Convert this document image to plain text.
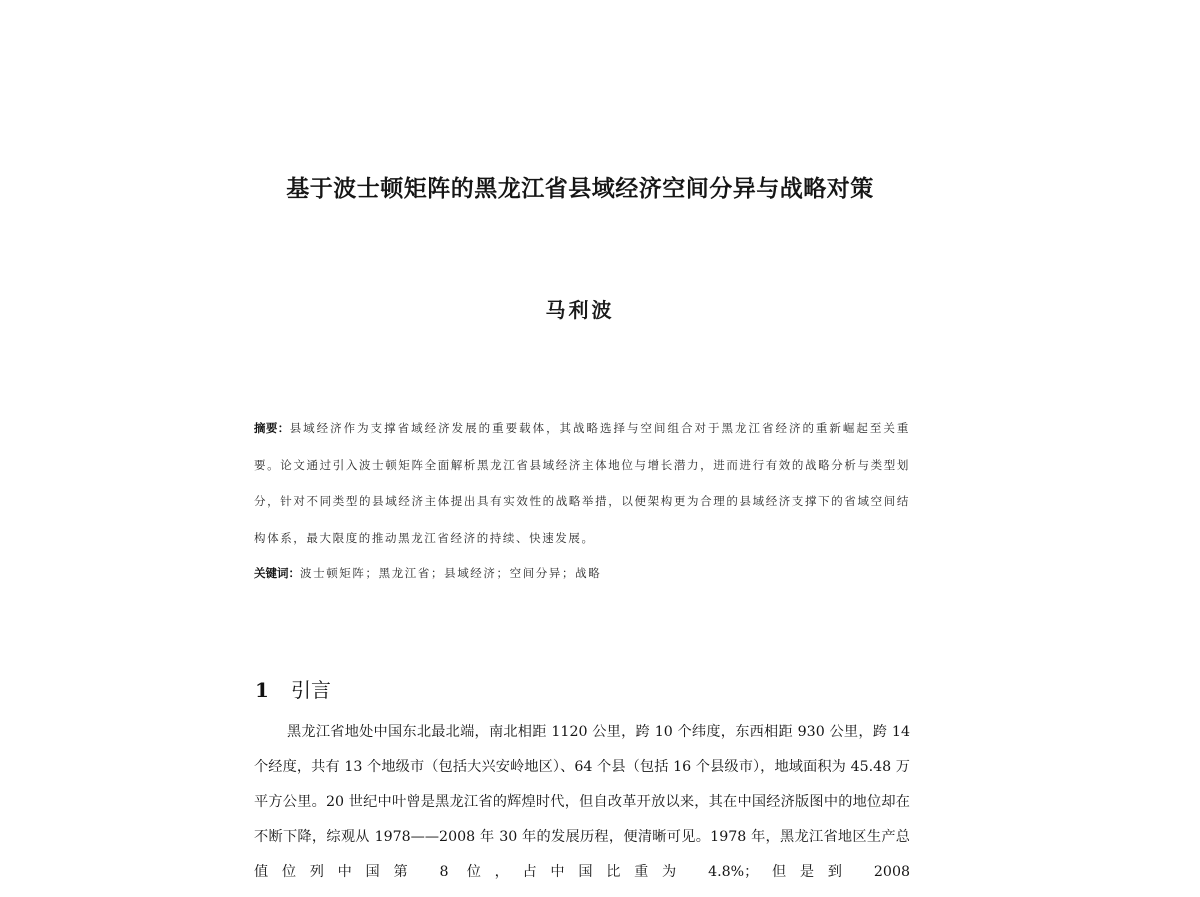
基于波士顿矩阵的黑龙江省县域经济空间分异与战略对策
马利波
摘要：县域经济作为支撑省域经济发展的重要载体，其战略选择与空间组合对于黑龙江省经济的重新崛起至关重要。论文通过引入波士顿矩阵全面解析黑龙江省县域经济主体地位与增长潜力，进而进行有效的战略分析与类型划分，针对不同类型的县域经济主体提出具有实效性的战略举措，以便架构更为合理的县域经济支撑下的省域空间结构体系，最大限度的推动黑龙江省经济的持续、快速发展。
关键词：波士顿矩阵；黑龙江省；县域经济；空间分异；战略
1 引言
黑龙江省地处中国东北最北端，南北相距 1120 公里，跨 10 个纬度，东西相距 930 公里，跨 14 个经度，共有 13 个地级市（包括大兴安岭地区）、64 个县（包括 16 个县级市），地域面积为 45.48 万平方公里。20 世纪中叶曾是黑龙江省的辉煌时代，但自改革开放以来，其在中国经济版图中的地位却在不断下降，综观从 1978——2008 年 30 年的发展历程，便清晰可见。1978 年，黑龙江省地区生产总值位列中国第 8 位，占中国比重为 4.8%；但是到 2008
